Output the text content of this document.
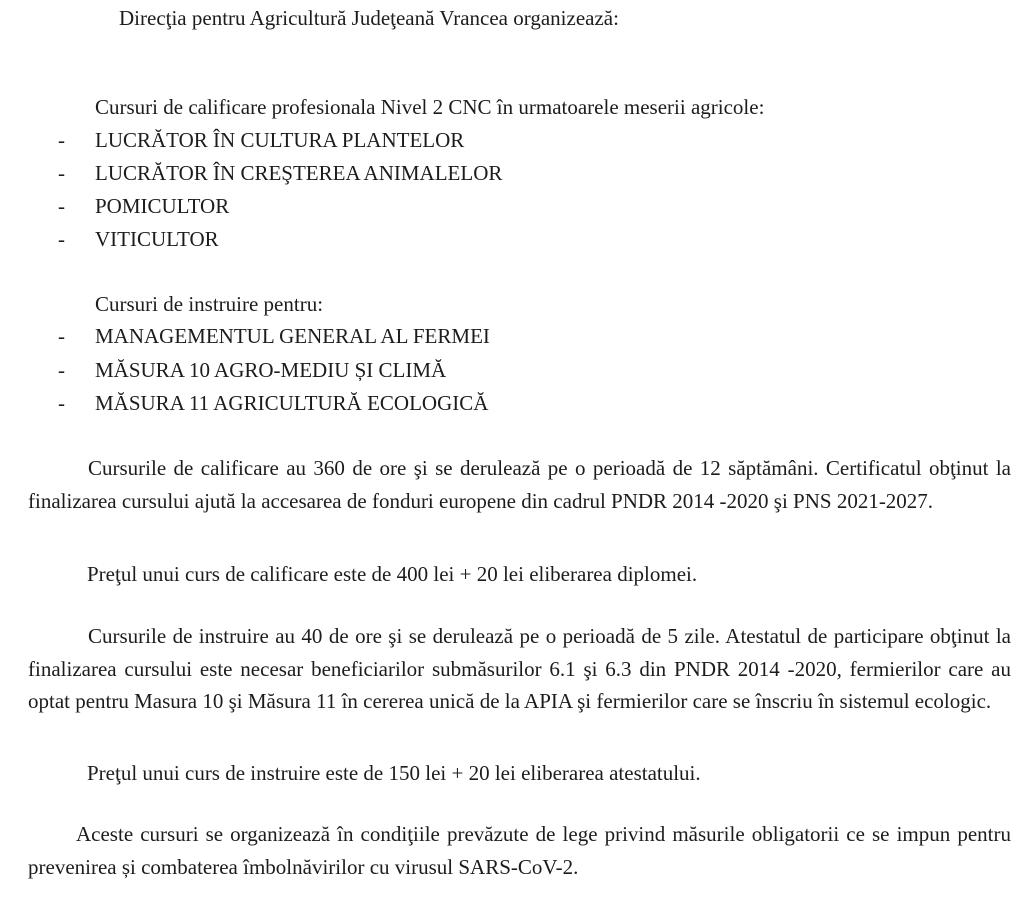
Direcţia pentru Agricultură Judeţeană Vrancea organizează:
Cursuri de calificare profesionala Nivel 2 CNC în urmatoarele meserii agricole:
-	LUCRĂTOR ÎN CULTURA PLANTELOR
-	LUCRĂTOR ÎN CREŞTEREA ANIMALELOR
-	POMICULTOR
-	VITICULTOR
Cursuri de instruire pentru:
-	MANAGEMENTUL GENERAL AL FERMEI
-	MĂSURA 10 AGRO-MEDIU ȘI CLIMĂ
-	MĂSURA 11 AGRICULTURĂ ECOLOGICĂ

Cursurile de calificare au 360 de ore şi se derulează pe o perioadă de 12 săptămâni. Certificatul obţinut la finalizarea cursului ajută la accesarea de fonduri europene din cadrul PNDR 2014 -2020 şi PNS 2021-2027.

Preţul unui curs de calificare este de 400 lei + 20 lei eliberarea diplomei.

Cursurile de instruire au 40 de ore şi se derulează pe o perioadă de 5 zile. Atestatul de participare obţinut la finalizarea cursului este necesar beneficiarilor submăsurilor 6.1 şi 6.3 din PNDR 2014 -2020, fermierilor care au optat pentru Masura 10 şi Măsura 11 în cererea unică de la APIA şi fermierilor care se înscriu în sistemul ecologic.

Preţul unui curs de instruire este de 150 lei + 20 lei eliberarea atestatului.

Aceste cursuri se organizează în condiţiile prevăzute de lege privind măsurile obligatorii ce se impun pentru prevenirea și combaterea îmbolnăvirilor cu virusul SARS-CoV-2.
